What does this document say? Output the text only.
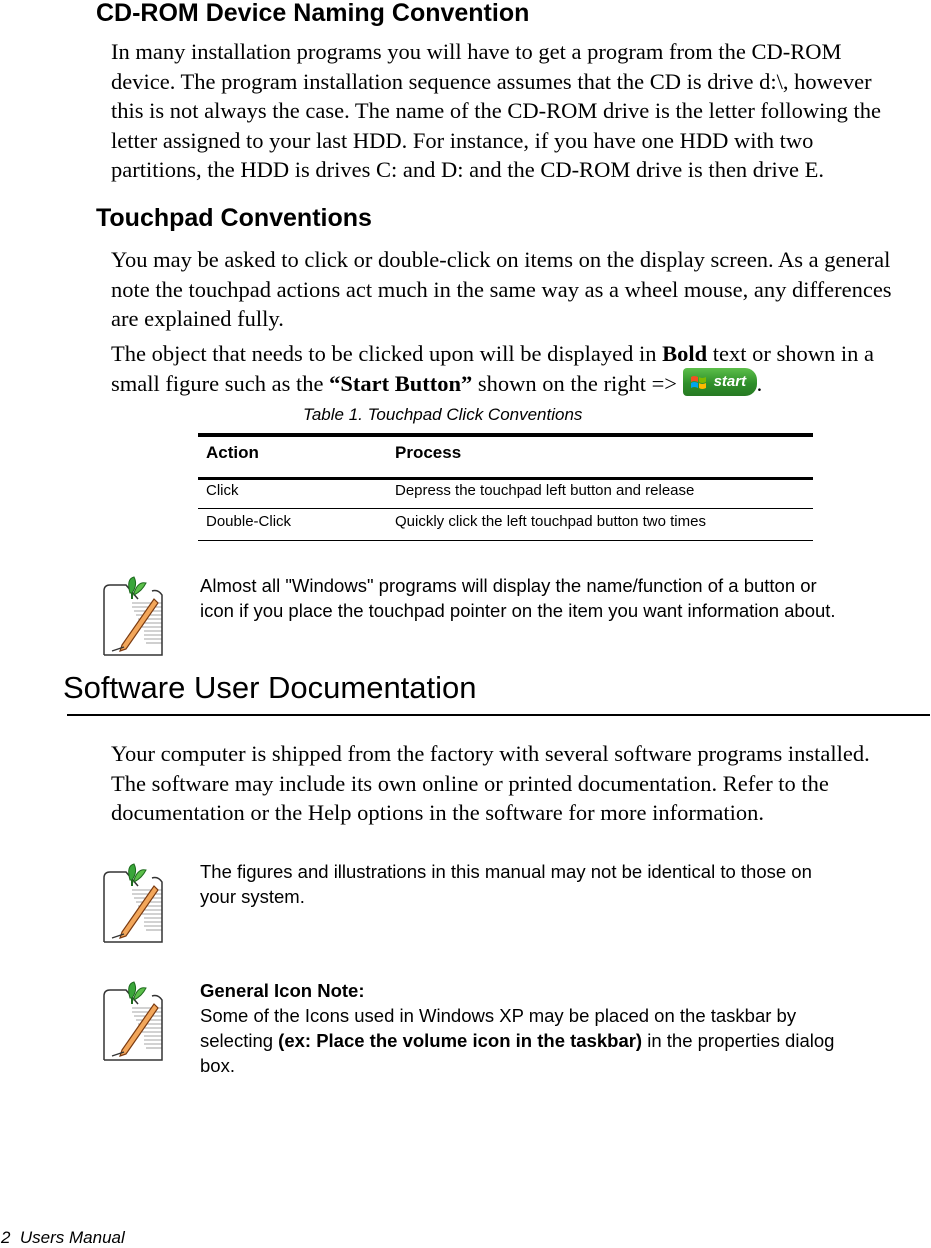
CD-ROM Device Naming Convention

In many installation programs you will have to get a program from the CD-ROM

device. The program installation sequence assumes that the CD is drive d:\, however

this is not always the case. The name of the CD-ROM drive is the letter following the

letter assigned to your last HDD. For instance, if you have one HDD with two

partitions, the HDD is drives C: and D: and the CD-ROM drive is then drive E.

Touchpad Conventions

You may be asked to click or double-click on items on the display screen. As a general

note the touchpad actions act much in the same way as a wheel mouse, any differences

are explained fully.

The object that needs to be clicked upon will be displayed in Bold text or shown in a

small figure such as the “Start Button” shown on the right =>
start .

Table 1. Touchpad Click Conventions
Action	Process
Click	Depress the touchpad left button and release
Double-Click	Quickly click the left touchpad button two times

Almost all "Windows" programs will display the name/function of a button or

icon if you place the touchpad pointer on the item you want information about.

Software User Documentation

Your computer is shipped from the factory with several software programs installed.

The software may include its own online or printed documentation. Refer to the

documentation or the Help options in the software for more information.

The figures and illustrations in this manual may not be identical to those on

your system.

General Icon Note:

Some of the Icons used in Windows XP may be placed on the taskbar by

selecting (ex: Place the volume icon in the taskbar) in the properties dialog

box.

2  Users Manual
